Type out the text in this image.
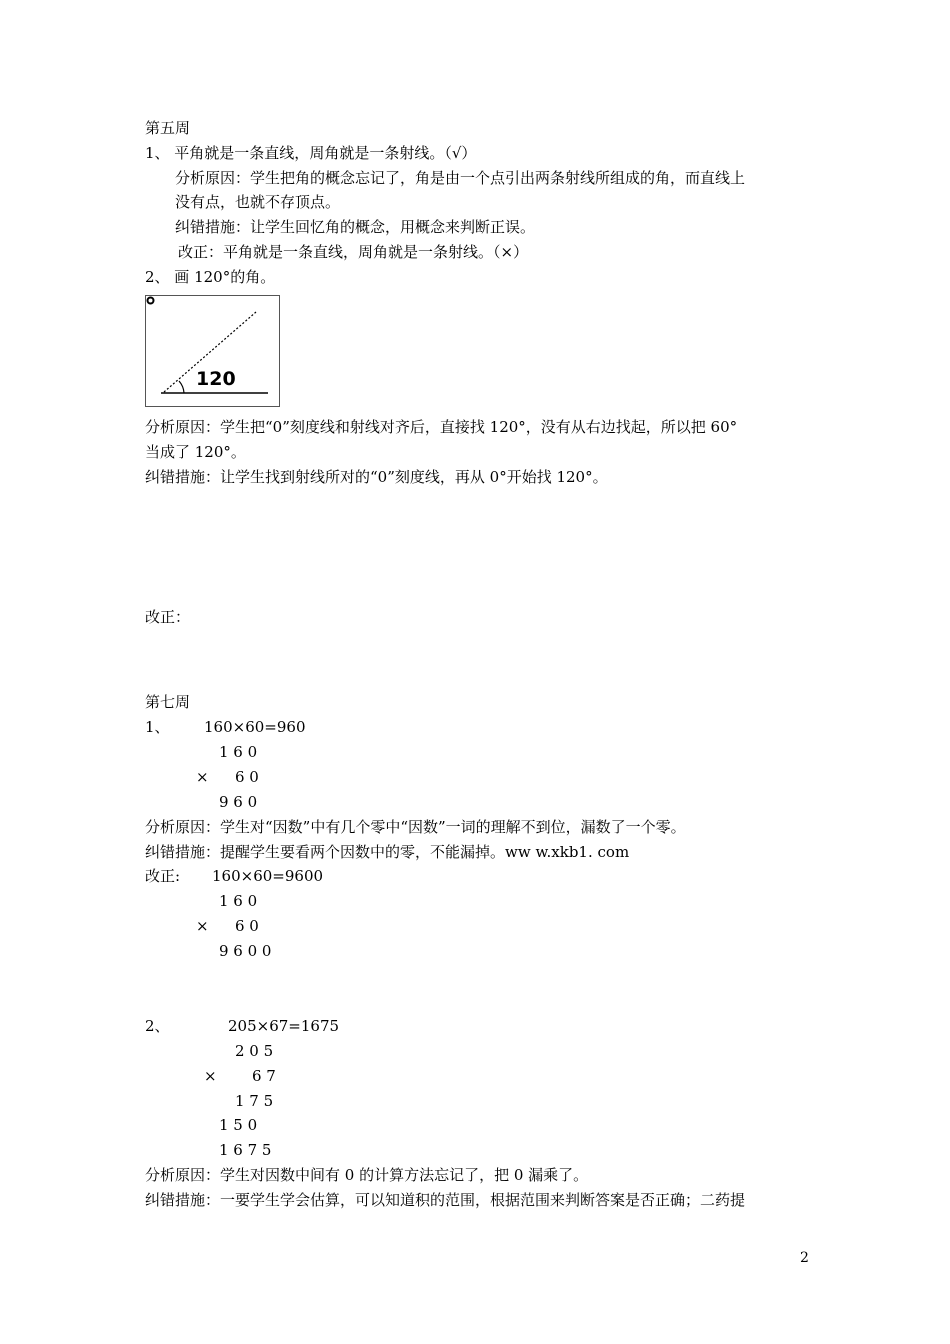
第五周
1、 平角就是一条直线，周角就是一条射线。（√）
分析原因：学生把角的概念忘记了，角是由一个点引出两条射线所组成的角，而直线上
没有点，也就不存顶点。
纠错措施：让学生回忆角的概念，用概念来判断正误。
改正：平角就是一条直线，周角就是一条射线。（×）
2、 画 120°的角。
120
分析原因：学生把“0”刻度线和射线对齐后，直接找 120°，没有从右边找起，所以把 60°
当成了 120°。
纠错措施：让学生找到射线所对的“0”刻度线，再从 0°开始找 120°。
改正：
第七周
1、 160×60=960
1 6 0
× 6 0
9 6 0
分析原因：学生对“因数”中有几个零中“因数”一词的理解不到位，漏数了一个零。
纠错措施：提醒学生要看两个因数中的零，不能漏掉。ww w.xkb1. com
改正: 160×60=9600
1 6 0
× 6 0
9 6 0 0
2、	205×67=1675
2 0 5
× 6 7
1 7 5
1 5 0
1 6 7 5
分析原因：学生对因数中间有 0 的计算方法忘记了，把 0 漏乘了。
纠错措施：一要学生学会估算，可以知道积的范围，根据范围来判断答案是否正确；二药提
2
